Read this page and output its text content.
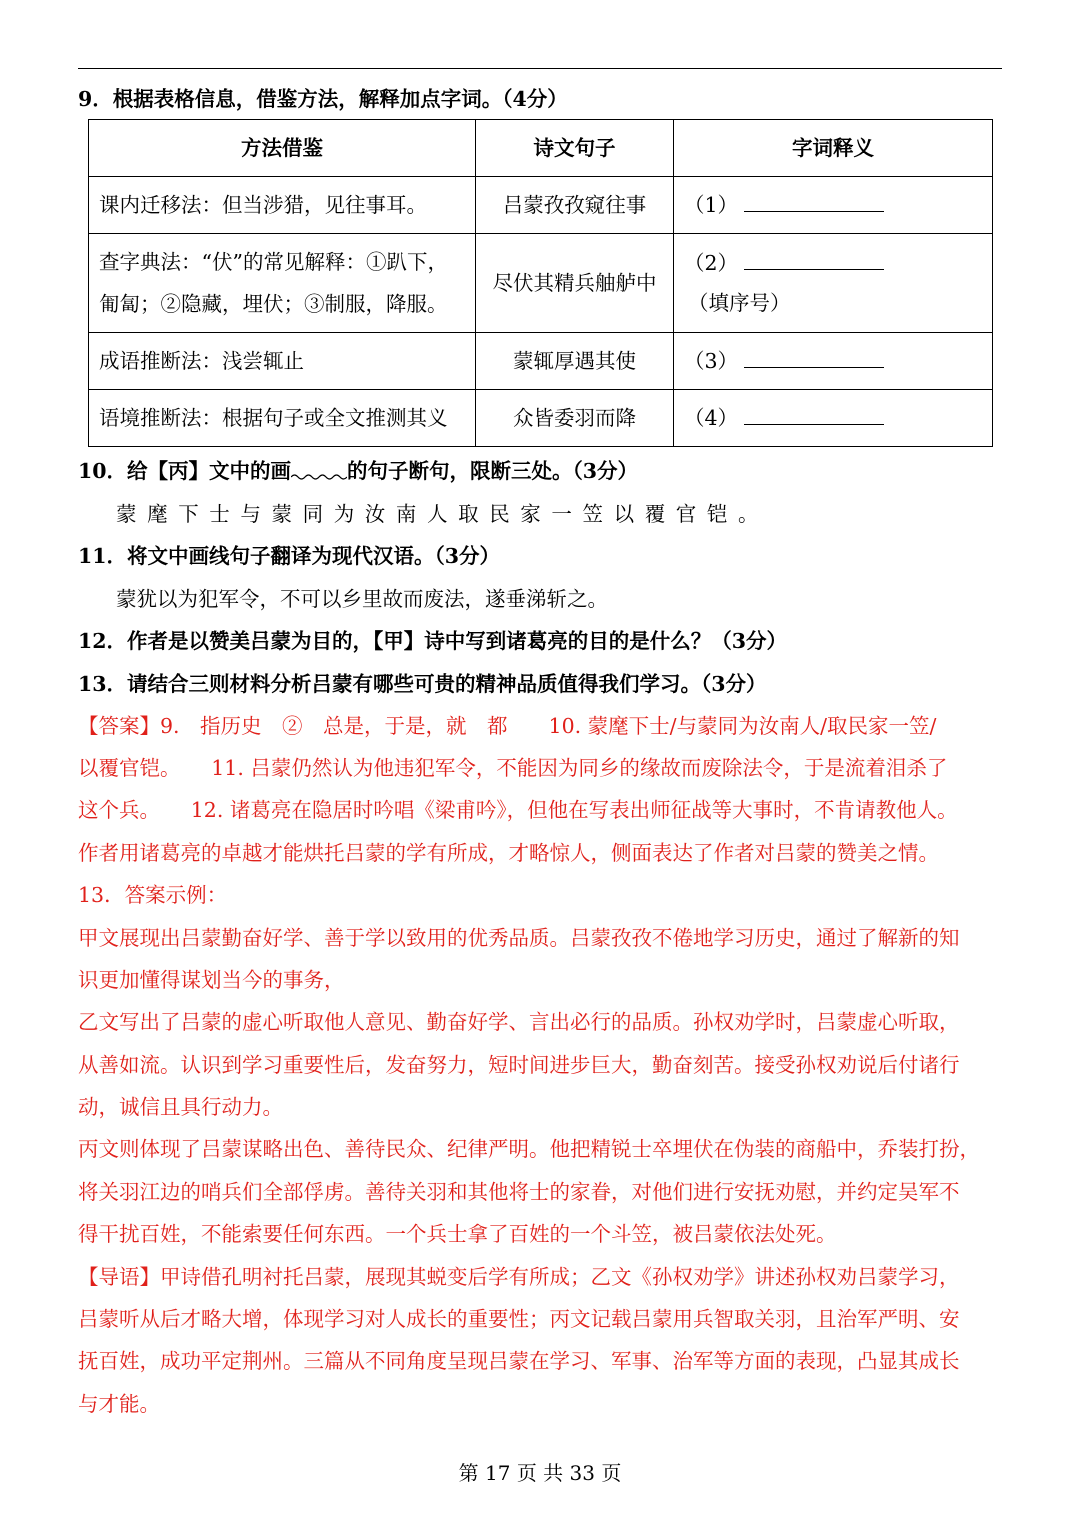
9．根据表格信息，借鉴方法，解释加点字词。（4分）
方法借鉴	诗文句子	字词释义
课内迁移法：但当涉猎，见往事耳。	吕蒙孜孜窥往事	（1）

查字典法：“伏”的常见解释：①趴下，
匍匐；②隐藏，埋伏；③制服，降服。	尽伏其精兵舳舻中	（2）（填序号）
成语推断法：浅尝辄止	蒙辄厚遇其使	（3）
语境推断法：根据句子或全文推测其义	众皆委羽而降	（4）
10．给【丙】文中的画	的句子断句，限断三处。（3分）
蒙麾下士与蒙同为汝南人取民家一笠以覆官铠。
11．将文中画线句子翻译为现代汉语。（3分）
蒙犹以为犯军令，不可以乡里故而废法，遂垂涕斩之。
12．作者是以赞美吕蒙为目的，【甲】诗中写到诸葛亮的目的是什么？（3分）
13．请结合三则材料分析吕蒙有哪些可贵的精神品质值得我们学习。（3分）
【答案】9.　指历史　②　总是，于是，就　都　　10. 蒙麾下士/与蒙同为汝南人/取民家一笠/
以覆官铠。　　11. 吕蒙仍然认为他违犯军令，不能因为同乡的缘故而废除法令，于是流着泪杀了
这个兵。　　12. 诸葛亮在隐居时吟唱《梁甫吟》，但他在写表出师征战等大事时，不肯请教他人。
作者用诸葛亮的卓越才能烘托吕蒙的学有所成，才略惊人，侧面表达了作者对吕蒙的赞美之情。
13．答案示例：
甲文展现出吕蒙勤奋好学、善于学以致用的优秀品质。吕蒙孜孜不倦地学习历史，通过了解新的知
识更加懂得谋划当今的事务，
乙文写出了吕蒙的虚心听取他人意见、勤奋好学、言出必行的品质。孙权劝学时，吕蒙虚心听取，
从善如流。认识到学习重要性后，发奋努力，短时间进步巨大，勤奋刻苦。接受孙权劝说后付诸行
动，诚信且具行动力。
丙文则体现了吕蒙谋略出色、善待民众、纪律严明。他把精锐士卒埋伏在伪装的商船中，乔装打扮，
将关羽江边的哨兵们全部俘虏。善待关羽和其他将士的家眷，对他们进行安抚劝慰，并约定吴军不
得干扰百姓，不能索要任何东西。一个兵士拿了百姓的一个斗笠，被吕蒙依法处死。
【导语】甲诗借孔明衬托吕蒙，展现其蜕变后学有所成；乙文《孙权劝学》讲述孙权劝吕蒙学习，
吕蒙听从后才略大增，体现学习对人成长的重要性；丙文记载吕蒙用兵智取关羽，且治军严明、安
抚百姓，成功平定荆州。三篇从不同角度呈现吕蒙在学习、军事、治军等方面的表现，凸显其成长
与才能。
第 17 页 共 33 页
